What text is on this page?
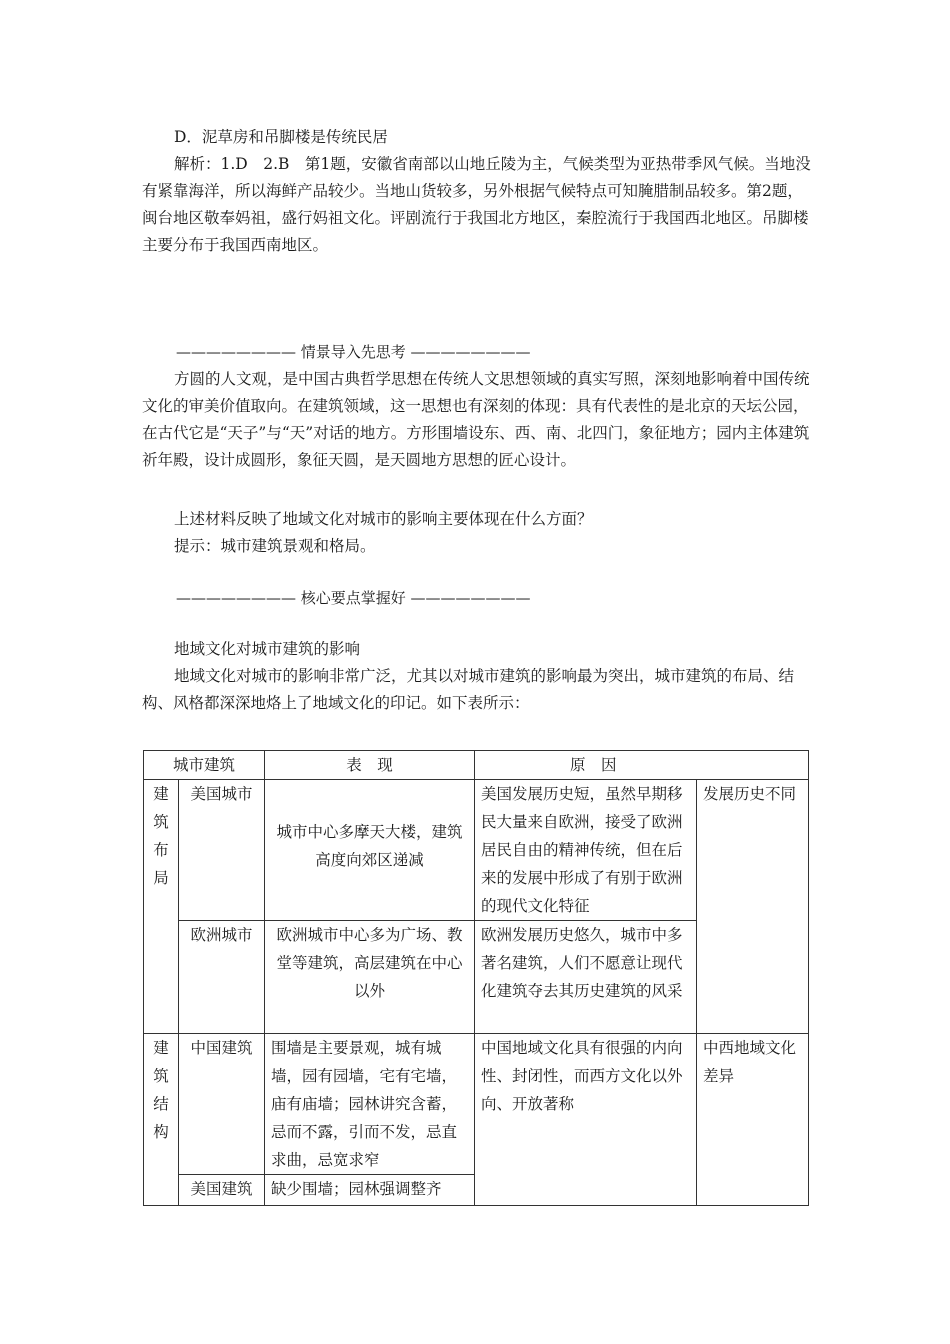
D．泥草房和吊脚楼是传统民居

解析：1.D　2.B　第1题，安徽省南部以山地丘陵为主，气候类型为亚热带季风气候。当地没有紧靠海洋，所以海鲜产品较少。当地山货较多，另外根据气候特点可知腌腊制品较多。第2题，闽台地区敬奉妈祖，盛行妈祖文化。评剧流行于我国北方地区，秦腔流行于我国西北地区。吊脚楼主要分布于我国西南地区。

———————— 情景导入先思考 ————————

方圆的人文观，是中国古典哲学思想在传统人文思想领域的真实写照，深刻地影响着中国传统文化的审美价值取向。在建筑领域，这一思想也有深刻的体现：具有代表性的是北京的天坛公园，在古代它是“天子”与“天”对话的地方。方形围墙设东、西、南、北四门，象征地方；园内主体建筑祈年殿，设计成圆形，象征天圆，是天圆地方思想的匠心设计。

上述材料反映了地域文化对城市的影响主要体现在什么方面？

提示：城市建筑景观和格局。

———————— 核心要点掌握好 ————————

地域文化对城市建筑的影响

地域文化对城市的影响非常广泛，尤其以对城市建筑的影响最为突出，城市建筑的布局、结构、风格都深深地烙上了地域文化的印记。如下表所示：

城市建筑		表　现	原　因	

建
筑
布
局	美国城市	城市中心多摩天大楼，建筑高度向郊区递减	美国发展历史短，虽然早期移民大量来自欧洲，接受了欧洲居民自由的精神传统，但在后来的发展中形成了有别于欧洲的现代文化特征	发展历史不同
	欧洲城市	欧洲城市中心多为广场、教堂等建筑，高层建筑在中心以外	欧洲发展历史悠久，城市中多著名建筑，人们不愿意让现代化建筑夺去其历史建筑的风采	

建
筑
结
构	中国建筑	围墙是主要景观，城有城墙，园有园墙，宅有宅墙，庙有庙墙；园林讲究含蓄，忌而不露，引而不发，忌直求曲，忌宽求窄	中国地域文化具有很强的内向性、封闭性，而西方文化以外向、开放著称	中西地域文化差异
	美国建筑	缺少围墙；园林强调整齐		
